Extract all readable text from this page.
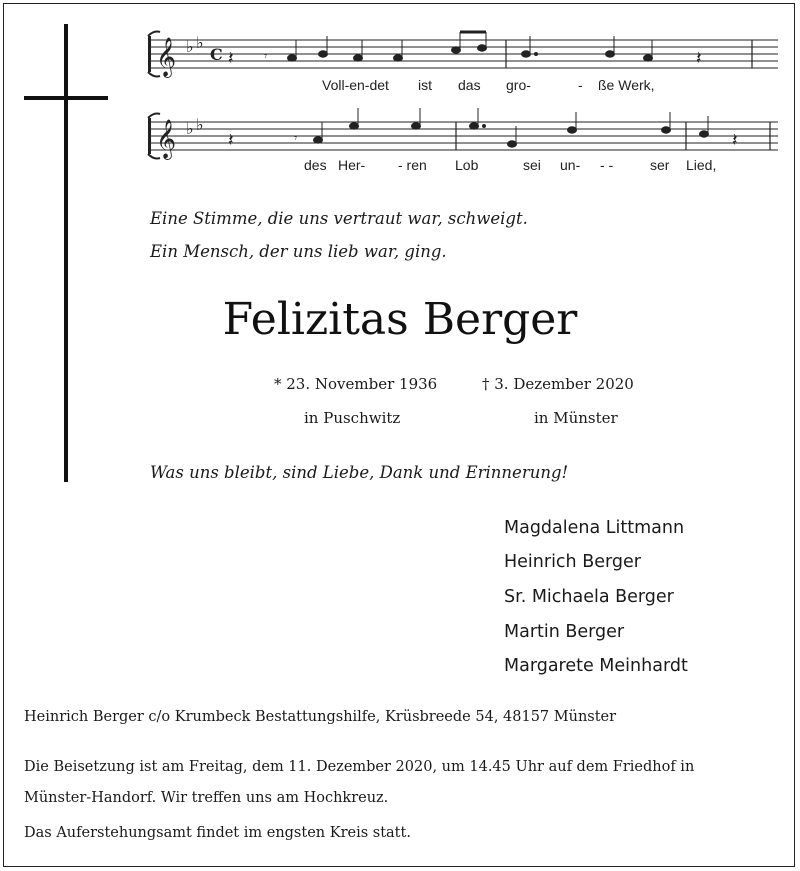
𝄞 ♭ ♭
C 𝄽	𝄾	𝄽
𝄞 ♭ ♭
𝄽	𝄾	𝄽
Voll-en-det ist das gro-	- ße Werk,
des Her- - ren Lob	sei un- - -	ser Lied,
Eine Stimme, die uns vertraut war, schweigt.
Ein Mensch, der uns lieb war, ging.
Felizitas Berger
* 23. November 1936	† 3. Dezember 2020
in Puschwitz	in Münster
Was uns bleibt, sind Liebe, Dank und Erinnerung!
Magdalena Littmann
Heinrich Berger
Sr. Michaela Berger
Martin Berger
Margarete Meinhardt
Heinrich Berger c/o Krumbeck Bestattungshilfe, Krüsbreede 54, 48157 Münster
Die Beisetzung ist am Freitag, dem 11. Dezember 2020, um 14.45 Uhr auf dem Friedhof in
Münster-Handorf. Wir treffen uns am Hochkreuz.
Das Auferstehungsamt findet im engsten Kreis statt.
